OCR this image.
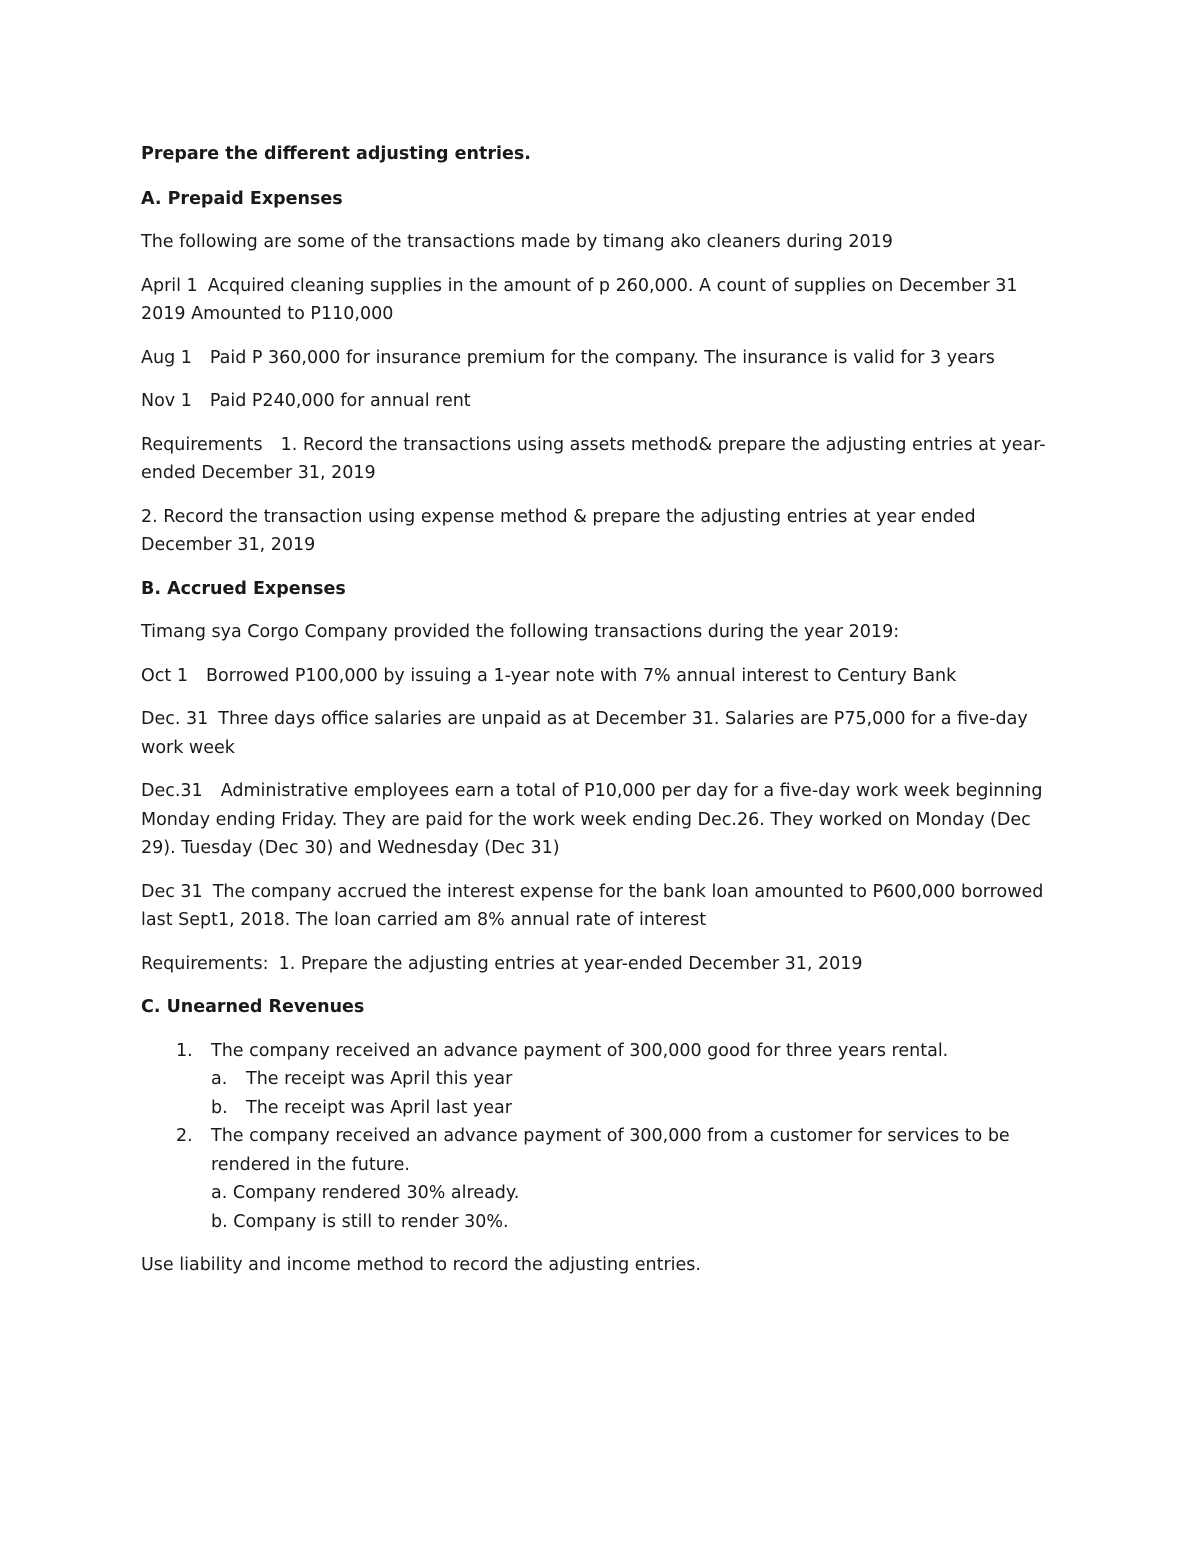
Prepare the different adjusting entries.

A. Prepaid Expenses

The following are some of the transactions made by timang ako cleaners during 2019

April 1 Acquired cleaning supplies in the amount of p 260,000. A count of supplies on December 31 2019 Amounted to P110,000

Aug 1 Paid P 360,000 for insurance premium for the company. The insurance is valid for 3 years

Nov 1 Paid P240,000 for annual rent

Requirements 1. Record the transactions using assets method& prepare the adjusting entries at year-ended December 31, 2019

2. Record the transaction using expense method & prepare the adjusting entries at year ended December 31, 2019

B. Accrued Expenses

Timang sya Corgo Company provided the following transactions during the year 2019:

Oct 1 Borrowed P100,000 by issuing a 1-year note with 7% annual interest to Century Bank

Dec. 31 Three days office salaries are unpaid as at December 31. Salaries are P75,000 for a five-day work week

Dec.31 Administrative employees earn a total of P10,000 per day for a five-day work week beginning Monday ending Friday. They are paid for the work week ending Dec.26. They worked on Monday (Dec 29). Tuesday (Dec 30) and Wednesday (Dec 31)

Dec 31 The company accrued the interest expense for the bank loan amounted to P600,000 borrowed last Sept1, 2018. The loan carried am 8% annual rate of interest

Requirements: 1. Prepare the adjusting entries at year-ended December 31, 2019

C. Unearned Revenues

1. The company received an advance payment of 300,000 good for three years rental.
a. The receipt was April this year
b. The receipt was April last year
2. The company received an advance payment of 300,000 from a customer for services to be rendered in the future.
a. Company rendered 30% already.
b. Company is still to render 30%.

Use liability and income method to record the adjusting entries.
